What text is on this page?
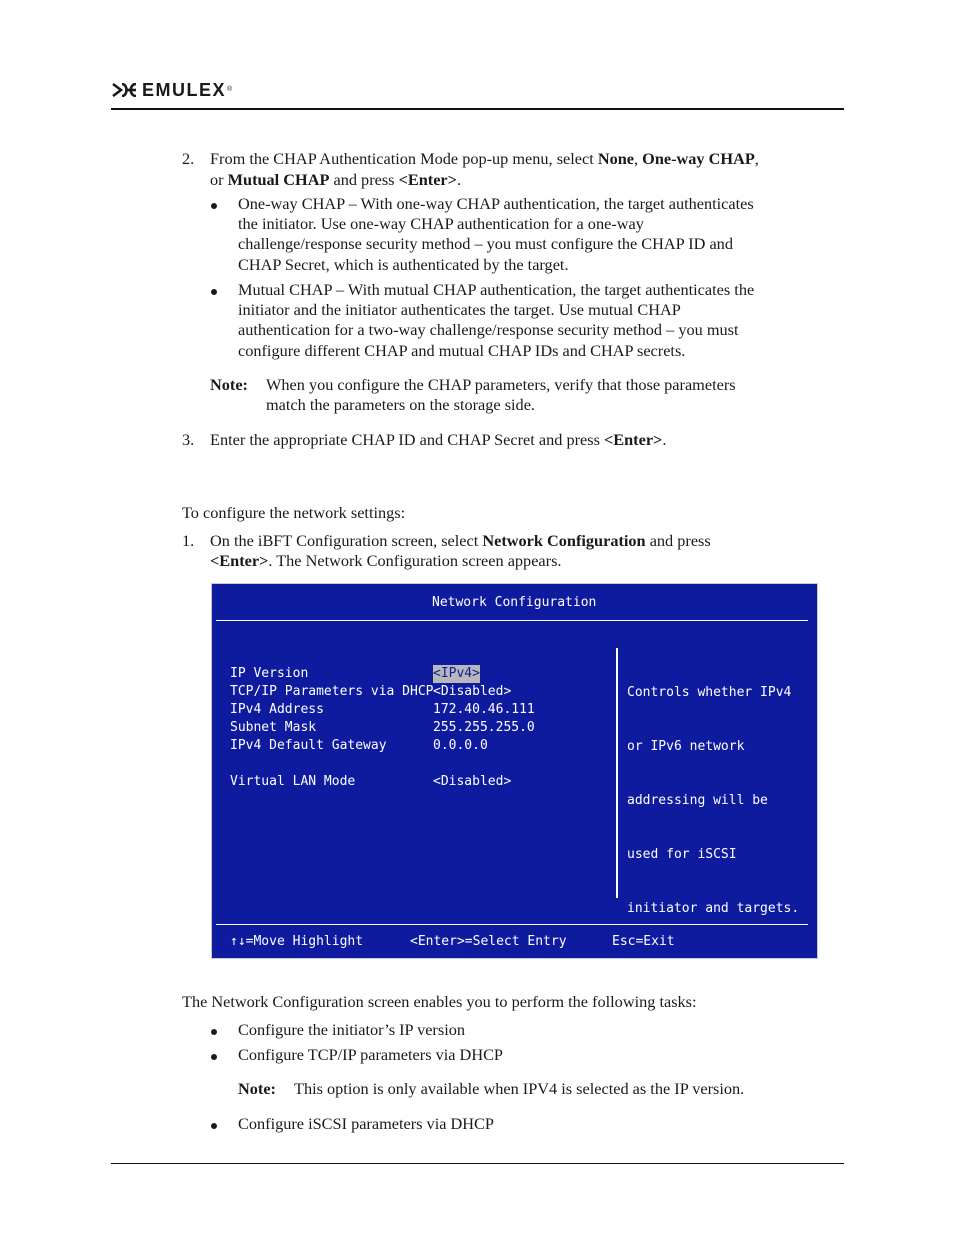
EMULEX ®
2. From the CHAP Authentication Mode pop-up menu, select None, One-way CHAP,
or Mutual CHAP and press <Enter>.
One-way CHAP – With one-way CHAP authentication, the target authenticates
the initiator. Use one-way CHAP authentication for a one-way
challenge/response security method – you must configure the CHAP ID and
CHAP Secret, which is authenticated by the target.
Mutual CHAP – With mutual CHAP authentication, the target authenticates the
initiator and the initiator authenticates the target. Use mutual CHAP
authentication for a two-way challenge/response security method – you must
configure different CHAP and mutual CHAP IDs and CHAP secrets.
Note: When you configure the CHAP parameters, verify that those parameters
match the parameters on the storage side.
3. Enter the appropriate CHAP ID and CHAP Secret and press <Enter>.
To configure the network settings:
1. On the iBFT Configuration screen, select Network Configuration and press
<Enter>. The Network Configuration screen appears.
Network Configuration
IP Version	<IPv4>
TCP/IP Parameters via DHCP <Disabled>
IPv4 Address	172.40.46.111
Subnet Mask	255.255.255.0
IPv4 Default Gateway	0.0.0.0
Virtual LAN Mode	<Disabled>

Controls whether IPv4

or IPv6 network

addressing will be

used for iSCSI

initiator and targets.

↑↓=Move Highlight	<Enter>=Select Entry	Esc=Exit
The Network Configuration screen enables you to perform the following tasks:
Configure the initiator’s IP version
Configure TCP/IP parameters via DHCP
Note: This option is only available when IPV4 is selected as the IP version.
Configure iSCSI parameters via DHCP
